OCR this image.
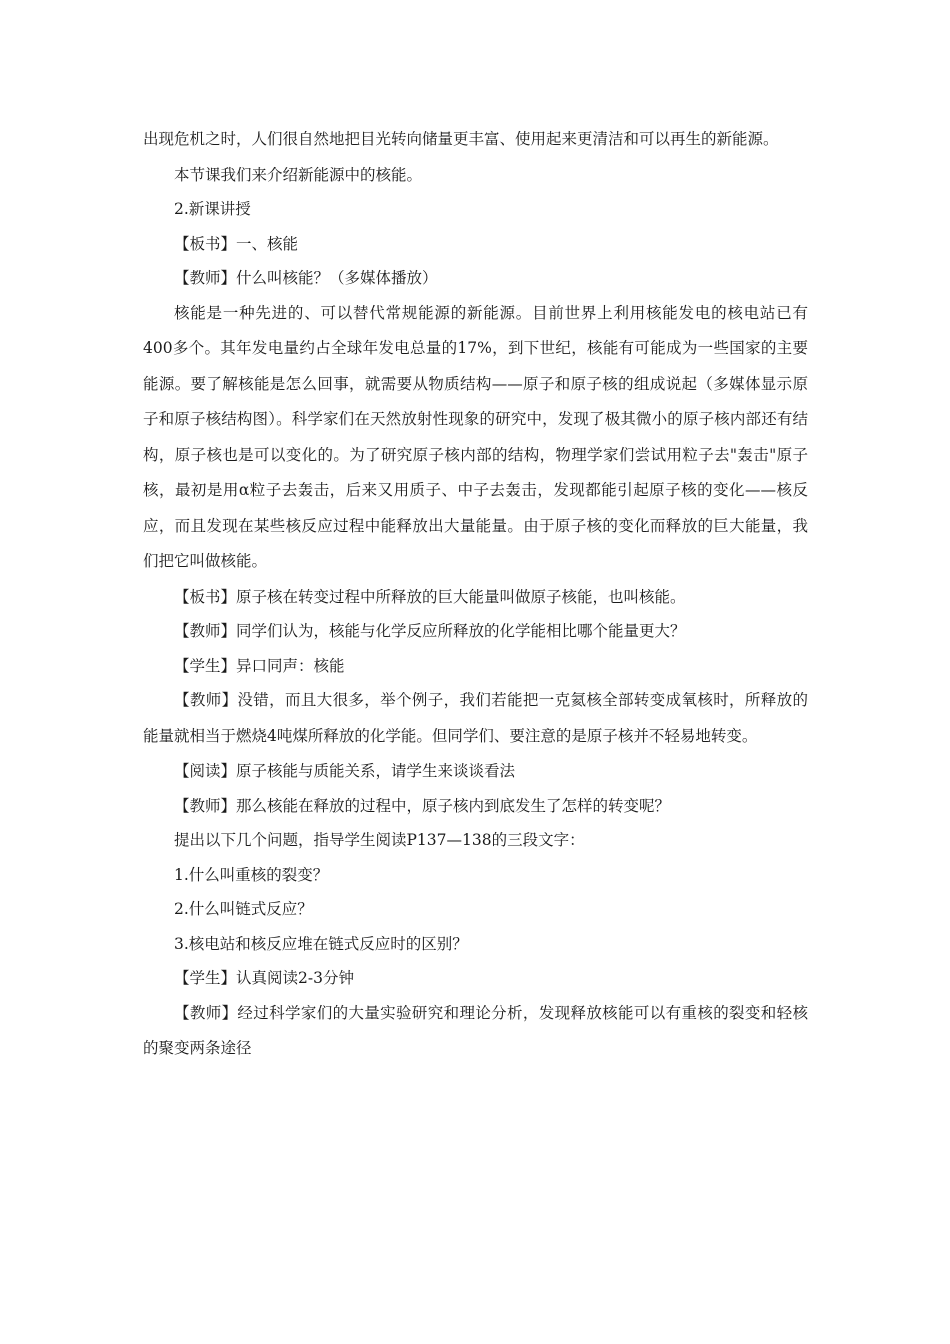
出现危机之时，人们很自然地把目光转向储量更丰富、使用起来更清洁和可以再生的新能源。

本节课我们来介绍新能源中的核能。

2.新课讲授

【板书】一、核能

【教师】什么叫核能？（多媒体播放）

核能是一种先进的、可以替代常规能源的新能源。目前世界上利用核能发电的核电站已有400多个。其年发电量约占全球年发电总量的17%，到下世纪，核能有可能成为一些国家的主要能源。要了解核能是怎么回事，就需要从物质结构——原子和原子核的组成说起（多媒体显示原子和原子核结构图）。科学家们在天然放射性现象的研究中，发现了极其微小的原子核内部还有结构，原子核也是可以变化的。为了研究原子核内部的结构，物理学家们尝试用粒子去"轰击"原子核，最初是用α粒子去轰击，后来又用质子、中子去轰击，发现都能引起原子核的变化——核反应，而且发现在某些核反应过程中能释放出大量能量。由于原子核的变化而释放的巨大能量，我们把它叫做核能。

【板书】原子核在转变过程中所释放的巨大能量叫做原子核能，也叫核能。

【教师】同学们认为，核能与化学反应所释放的化学能相比哪个能量更大？

【学生】异口同声：核能

【教师】没错，而且大很多，举个例子，我们若能把一克氦核全部转变成氧核时，所释放的能量就相当于燃烧4吨煤所释放的化学能。但同学们、要注意的是原子核并不轻易地转变。

【阅读】原子核能与质能关系，请学生来谈谈看法

【教师】那么核能在释放的过程中，原子核内到底发生了怎样的转变呢？

提出以下几个问题，指导学生阅读P137—138的三段文字：

1.什么叫重核的裂变？

2.什么叫链式反应？

3.核电站和核反应堆在链式反应时的区别？

【学生】认真阅读2-3分钟

【教师】经过科学家们的大量实验研究和理论分析，发现释放核能可以有重核的裂变和轻核的聚变两条途径
